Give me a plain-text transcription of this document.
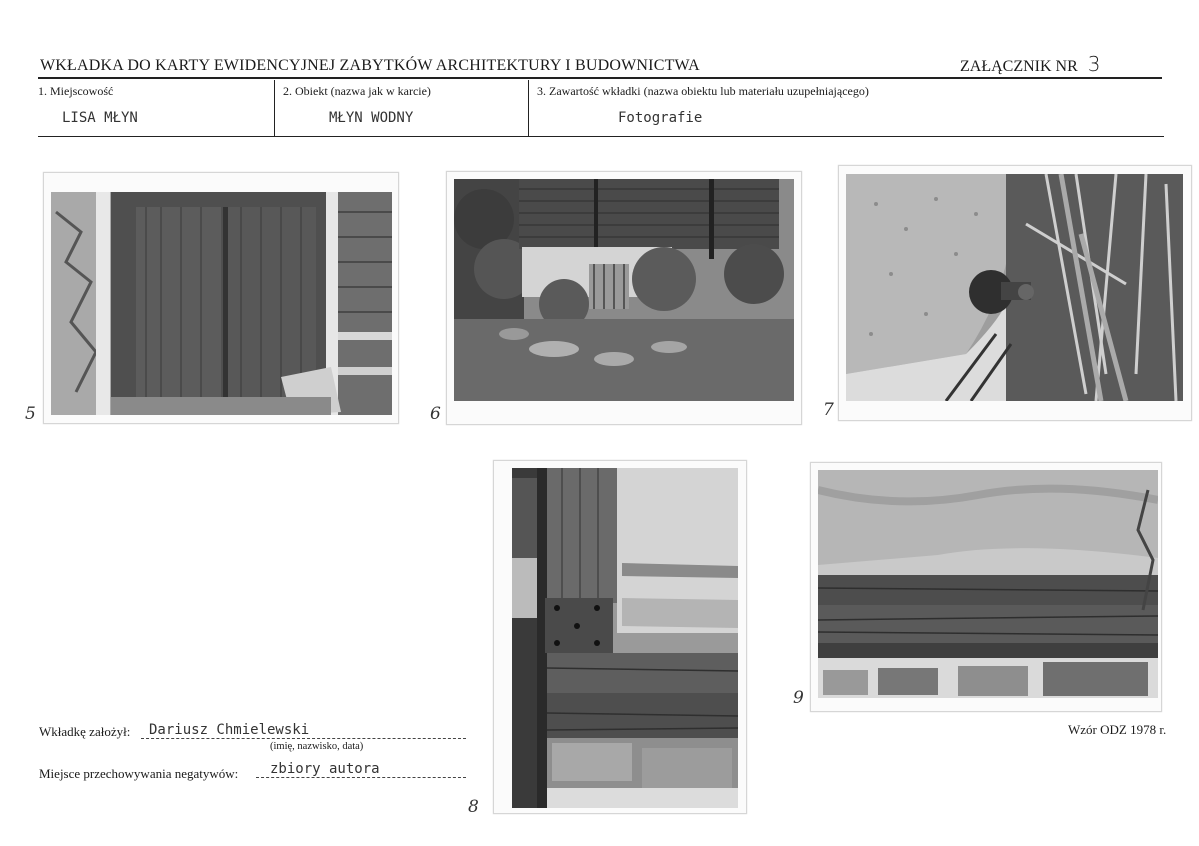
WKŁADKA DO KARTY EWIDENCYJNEJ ZABYTKÓW ARCHITEKTURY I BUDOWNICTWA	ZAŁĄCZNIK NR 3
1. Miejscowość
LISA MŁYN
2. Obiekt (nazwa jak w karcie)
MŁYN WODNY
3. Zawartość wkładki (nazwa obiektu lub materiału uzupełniającego)
Fotografie
5	6	7
8
9
Wkładkę założył: Dariusz Chmielewski
(imię, nazwisko, data)
Miejsce przechowywania negatywów: zbiory autora
Wzór ODZ 1978 r.
